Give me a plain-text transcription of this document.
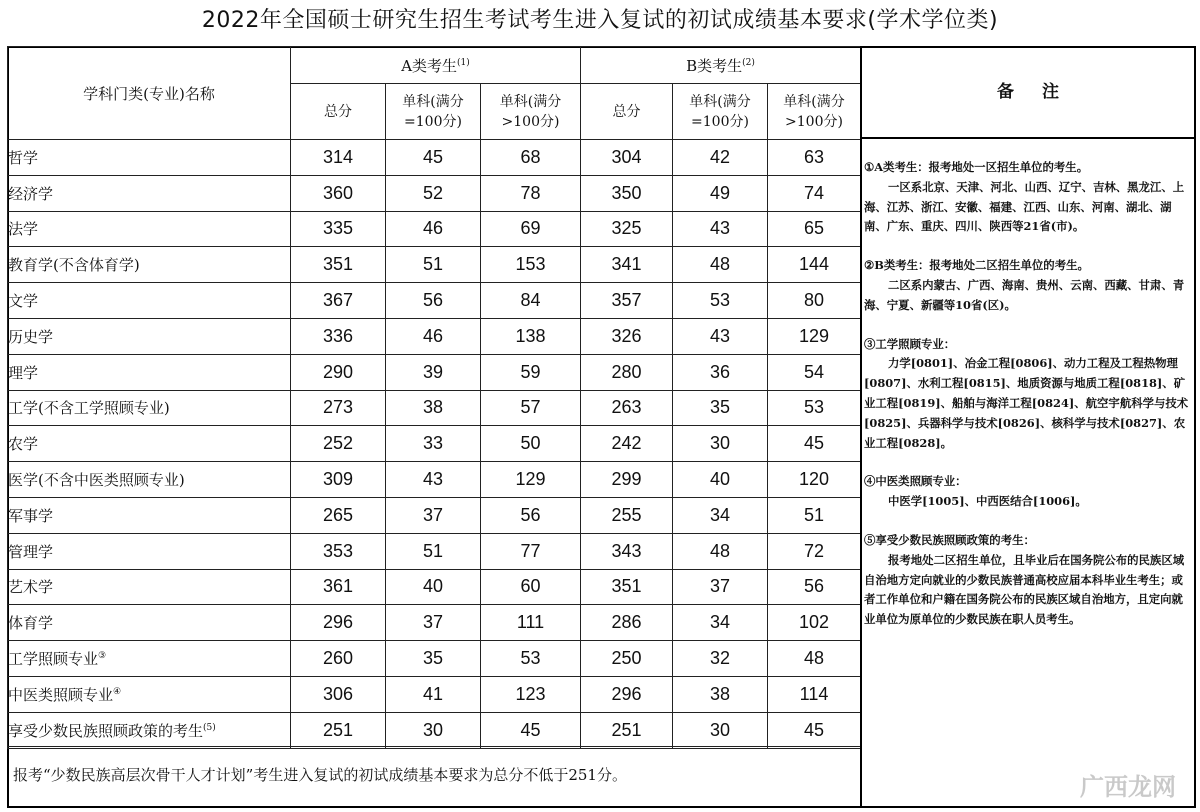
2022年全国硕士研究生招生考试考生进入复试的初试成绩基本要求(学术学位类)
学科门类(专业)名称	A类考生$^{(1)}$			B类考生$^{(2)}$
	总分	单科(满分=100分)	单科(满分>100分)	总分	单科(满分=100分)	单科(满分>100分)
哲学	314	45	68	304	42	63
经济学	360	52	78	350	49	74
法学	335	46	69	325	43	65
教育学(不含体育学)	351	51	153	341	48	144
文学	367	56	84	357	53	80
历史学	336	46	138	326	43	129
理学	290	39	59	280	36	54
工学(不含工学照顾专业)	273	38	57	263	35	53
农学	252	33	50	242	30	45
医学(不含中医类照顾专业)	309	43	129	299	40	120
军事学	265	37	56	255	34	51
管理学	353	51	77	343	48	72
艺术学	361	40	60	351	37	56
体育学	296	37	111	286	34	102
工学照顾专业③	260	35	53	250	32	48
中医类照顾专业④	306	41	123	296	38	114
享受少数民族照顾政策的考生$^{(5)}$	251	30	45	251	30	45
备注

①A类考生：报考地处一区招生单位的考生。

一区系北京、天津、河北、山西、辽宁、吉林、黑龙江、上海、江苏、浙江、安徽、福建、江西、山东、河南、湖北、湖南、广东、重庆、四川、陕西等21省(市)。

②B类考生：报考地处二区招生单位的考生。

二区系内蒙古、广西、海南、贵州、云南、西藏、甘肃、青海、宁夏、新疆等10省(区)。

③工学照顾专业：

力学[0801]、冶金工程[0806]、动力工程及工程热物理[0807]、水利工程[0815]、地质资源与地质工程[0818]、矿业工程[0819]、船舶与海洋工程[0824]、航空宇航科学与技术[0825]、兵器科学与技术[0826]、核科学与技术[0827]、农业工程[0828]。

④中医类照顾专业：

中医学[1005]、中西医结合[1006]。

⑤享受少数民族照顾政策的考生：

报考地处二区招生单位，且毕业后在国务院公布的民族区域自治地方定向就业的少数民族普通高校应届本科毕业生考生；或者工作单位和户籍在国务院公布的民族区域自治地方，且定向就业单位为原单位的少数民族在职人员考生。

报考“少数民族高层次骨干人才计划”考生进入复试的初试成绩基本要求为总分不低于251分。	广西龙网
